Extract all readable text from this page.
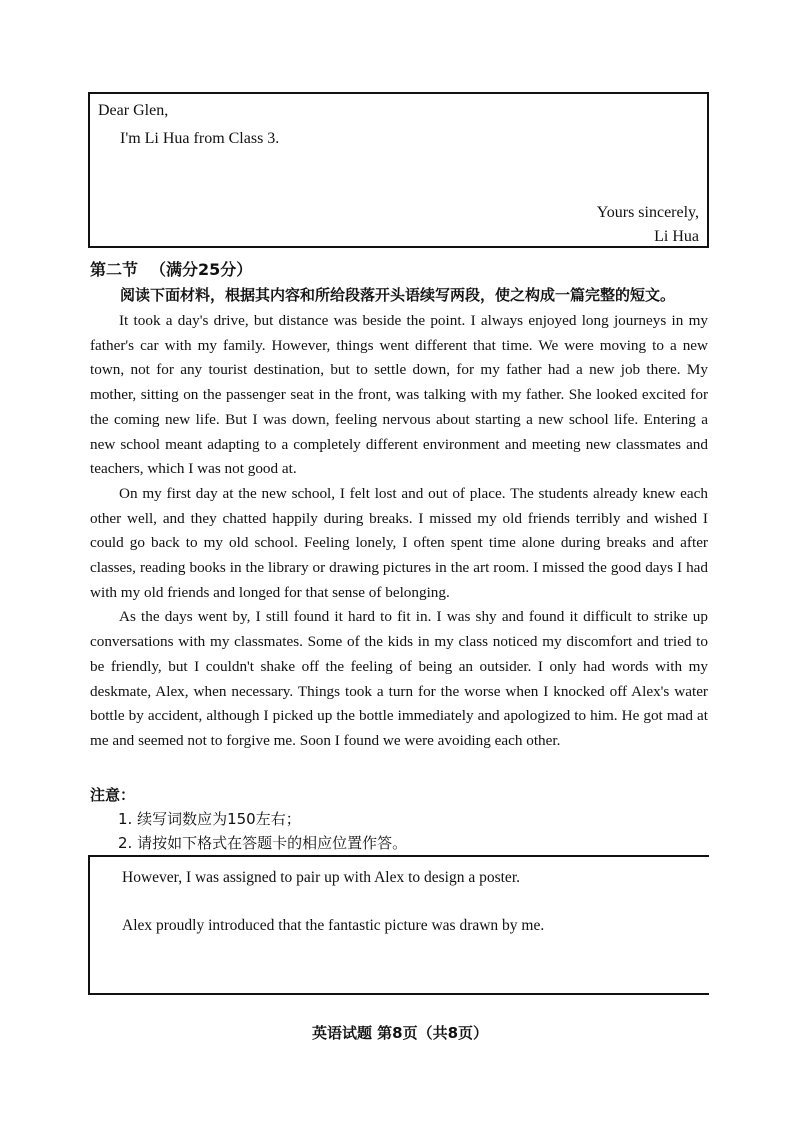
Dear Glen,
I'm Li Hua from Class 3.
Yours sincerely,
Li Hua
第二节 （满分25分）
阅读下面材料，根据其内容和所给段落开头语续写两段，使之构成一篇完整的短文。

It took a day's drive, but distance was beside the point. I always enjoyed long journeys in my father's car with my family. However, things went different that time. We were moving to a new town, not for any tourist destination, but to settle down, for my father had a new job there. My mother, sitting on the passenger seat in the front, was talking with my father. She looked excited for the coming new life. But I was down, feeling nervous about starting a new school life. Entering a new school meant adapting to a completely different environment and meeting new classmates and teachers, which I was not good at.

On my first day at the new school, I felt lost and out of place. The students already knew each other well, and they chatted happily during breaks. I missed my old friends terribly and wished I could go back to my old school. Feeling lonely, I often spent time alone during breaks and after classes, reading books in the library or drawing pictures in the art room. I missed the good days I had with my old friends and longed for that sense of belonging.

As the days went by, I still found it hard to fit in. I was shy and found it difficult to strike up conversations with my classmates. Some of the kids in my class noticed my discomfort and tried to be friendly, but I couldn't shake off the feeling of being an outsider. I only had words with my deskmate, Alex, when necessary. Things took a turn for the worse when I knocked off Alex's water bottle by accident, although I picked up the bottle immediately and apologized to him. He got mad at me and seemed not to forgive me. Soon I found we were avoiding each other.

注意：
1. 续写词数应为150左右；
2. 请按如下格式在答题卡的相应位置作答。
However, I was assigned to pair up with Alex to design a poster.
Alex proudly introduced that the fantastic picture was drawn by me.
英语试题 第8页（共8页）
